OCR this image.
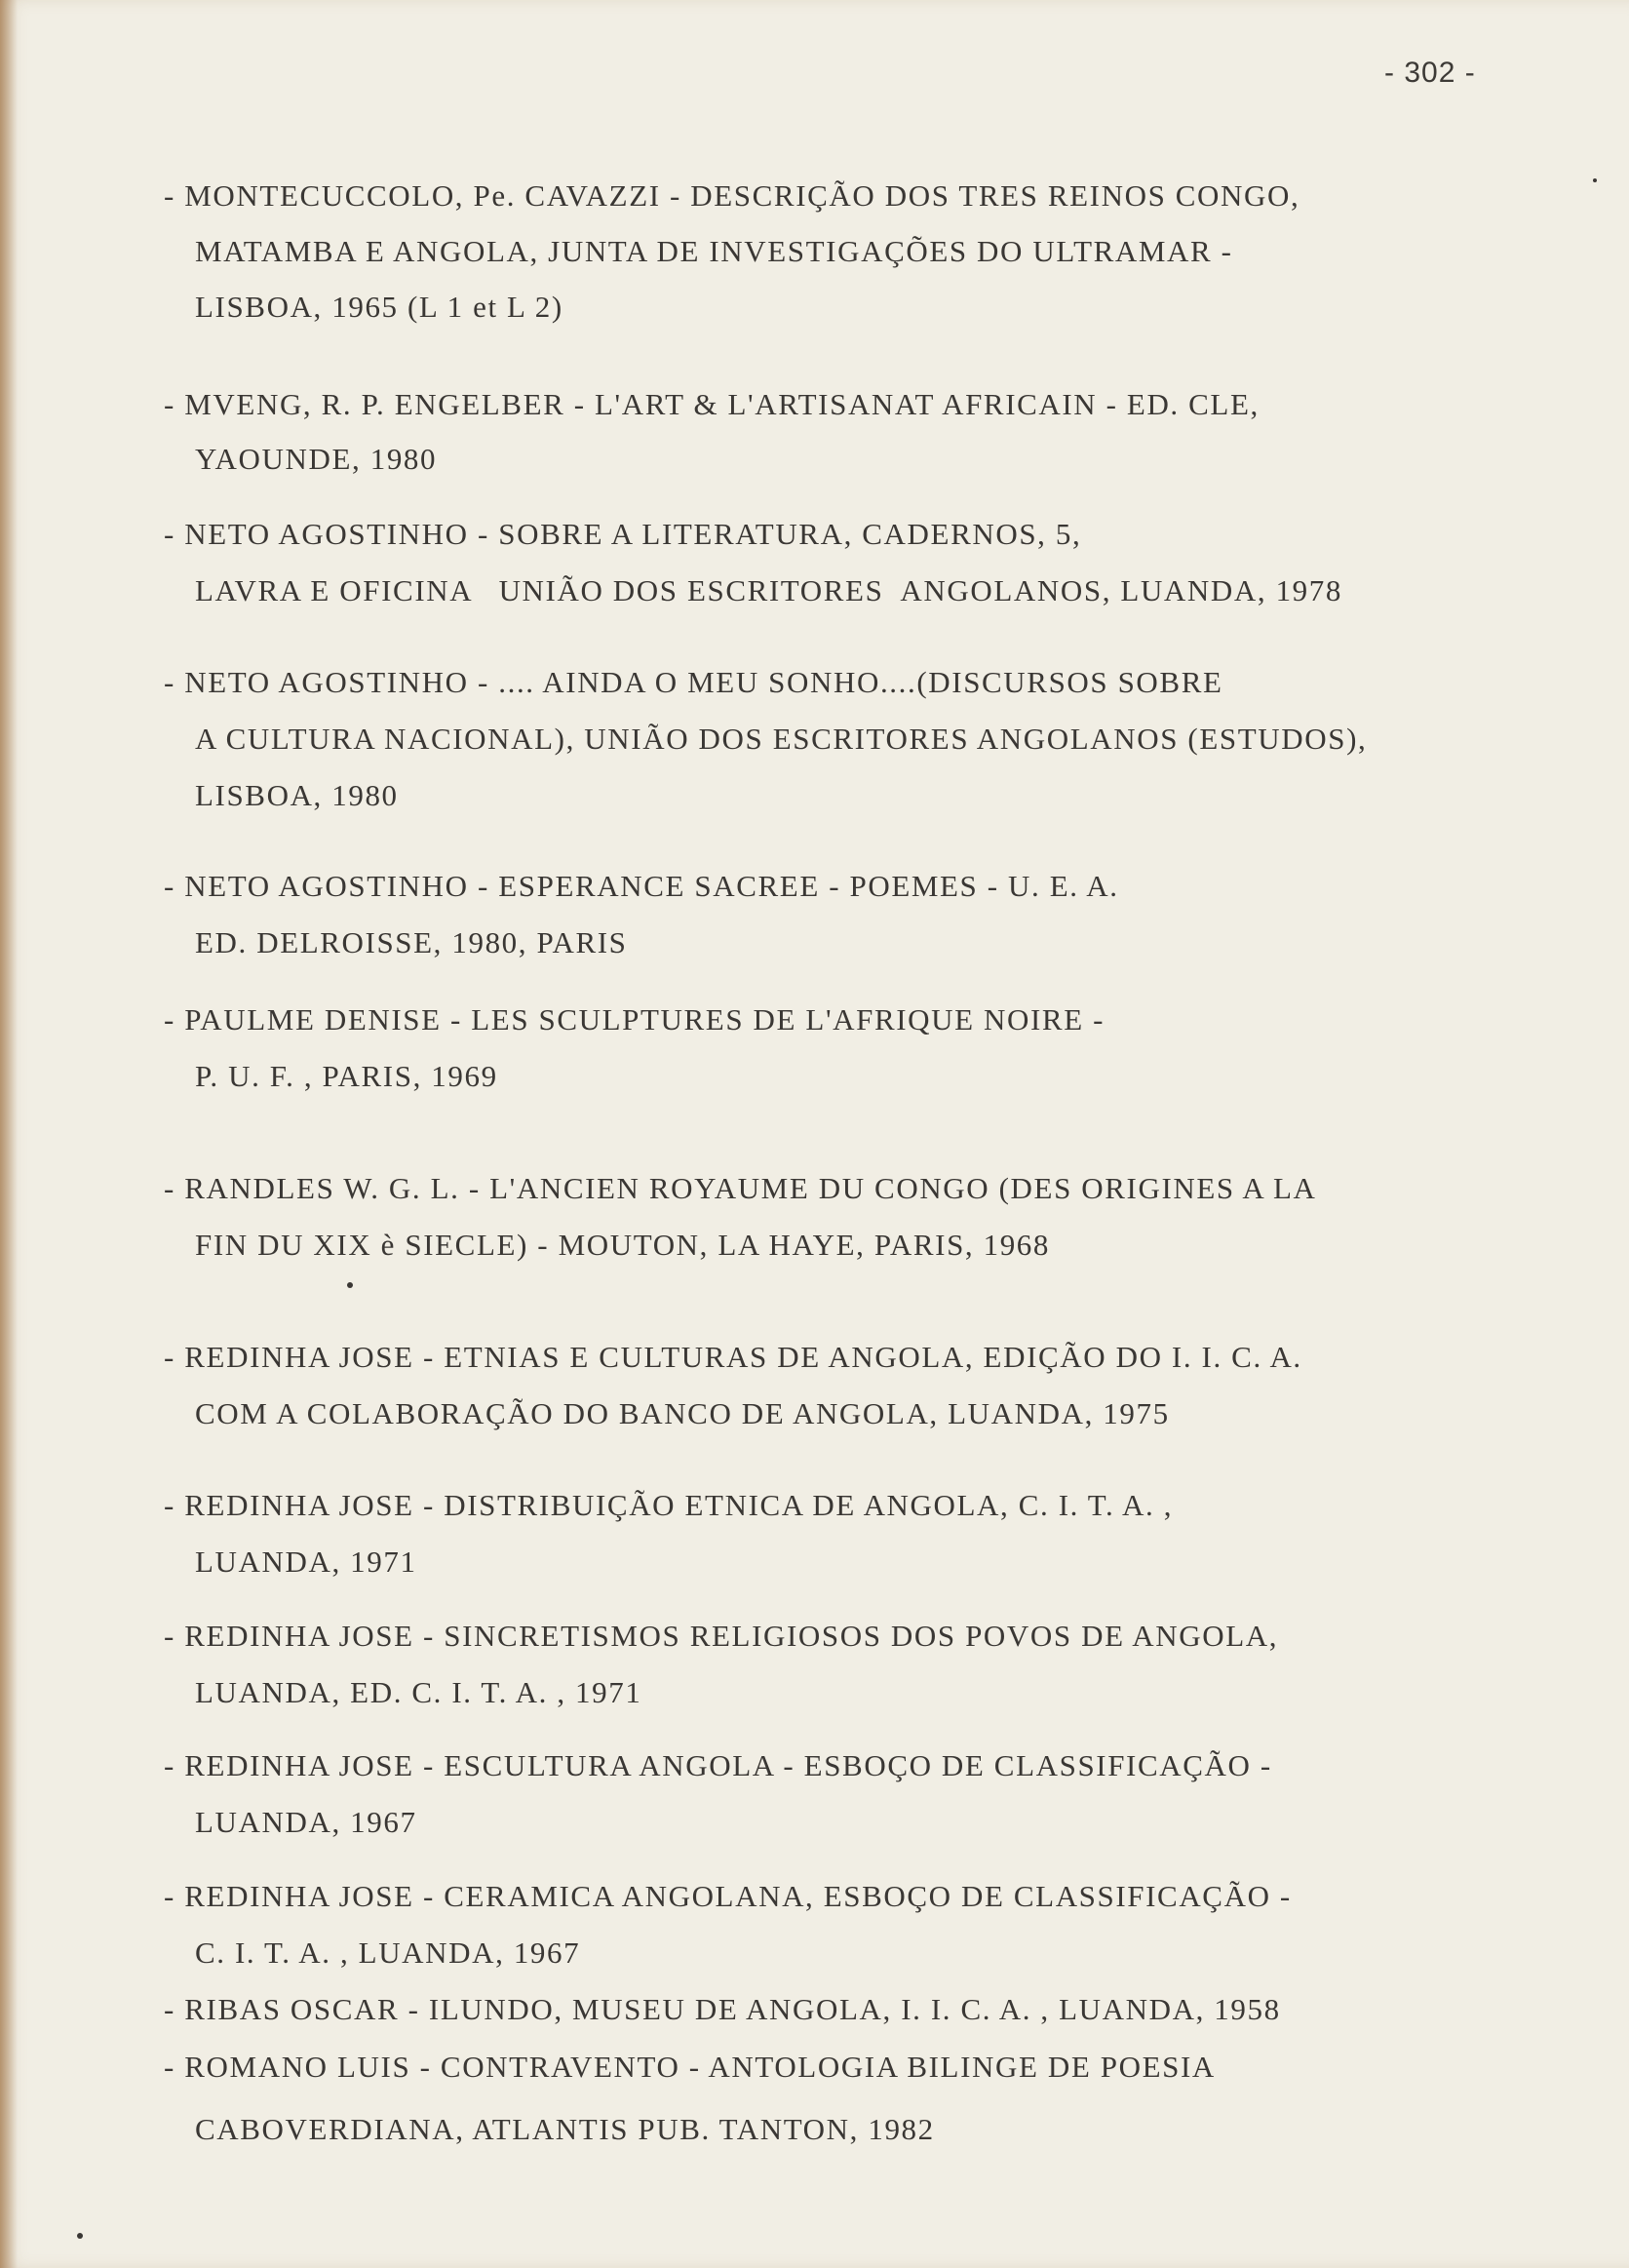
- 302 -
- MONTECUCCOLO, Pe. CAVAZZI - DESCRIÇÃO DOS TRES REINOS CONGO,
MATAMBA E ANGOLA, JUNTA DE INVESTIGAÇÕES DO ULTRAMAR -
LISBOA, 1965 (L 1 et L 2)
- MVENG, R. P. ENGELBER - L'ART & L'ARTISANAT AFRICAIN - ED. CLE,
YAOUNDE, 1980
- NETO AGOSTINHO - SOBRE A LITERATURA, CADERNOS, 5,
LAVRA E OFICINA   UNIÃO DOS ESCRITORES  ANGOLANOS, LUANDA, 1978
- NETO AGOSTINHO - .... AINDA O MEU SONHO....(DISCURSOS SOBRE
A CULTURA NACIONAL), UNIÃO DOS ESCRITORES ANGOLANOS (ESTUDOS),
LISBOA, 1980
- NETO AGOSTINHO - ESPERANCE SACREE - POEMES - U. E. A.
ED. DELROISSE, 1980, PARIS
- PAULME DENISE - LES SCULPTURES DE L'AFRIQUE NOIRE -
P. U. F. , PARIS, 1969
- RANDLES W. G. L. - L'ANCIEN ROYAUME DU CONGO (DES ORIGINES A LA
FIN DU XIX è SIECLE) - MOUTON, LA HAYE, PARIS, 1968
- REDINHA JOSE - ETNIAS E CULTURAS DE ANGOLA, EDIÇÃO DO I. I. C. A.
COM A COLABORAÇÃO DO BANCO DE ANGOLA, LUANDA, 1975
- REDINHA JOSE - DISTRIBUIÇÃO ETNICA DE ANGOLA, C. I. T. A. ,
LUANDA, 1971
- REDINHA JOSE - SINCRETISMOS RELIGIOSOS DOS POVOS DE ANGOLA,
LUANDA, ED. C. I. T. A. , 1971
- REDINHA JOSE - ESCULTURA ANGOLA - ESBOÇO DE CLASSIFICAÇÃO -
LUANDA, 1967
- REDINHA JOSE - CERAMICA ANGOLANA, ESBOÇO DE CLASSIFICAÇÃO -
C. I. T. A. , LUANDA, 1967
- RIBAS OSCAR - ILUNDO, MUSEU DE ANGOLA, I. I. C. A. , LUANDA, 1958
- ROMANO LUIS - CONTRAVENTO - ANTOLOGIA BILINGE DE POESIA
CABOVERDIANA, ATLANTIS PUB. TANTON, 1982
